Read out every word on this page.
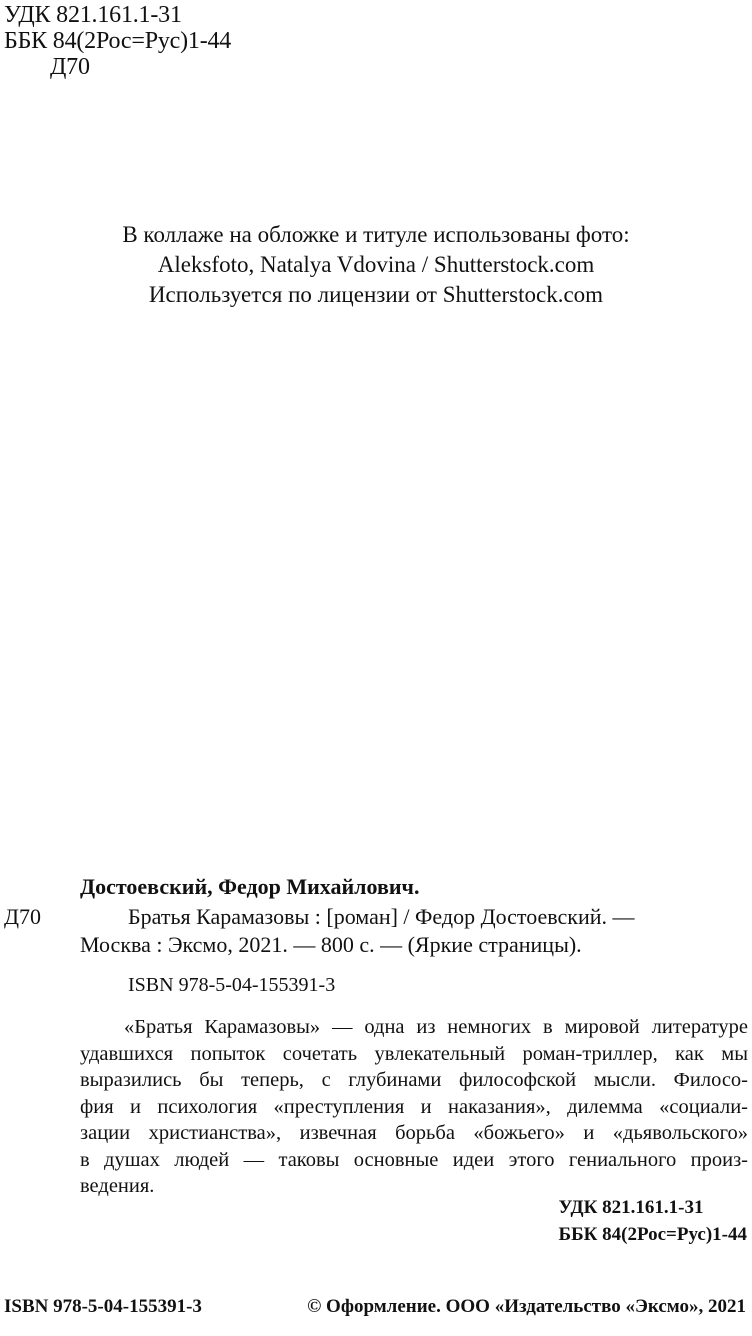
УДК 821.161.1-31
ББК 84(2Рос=Рус)1-44
Д70
В коллаже на обложке и титуле использованы фото:
Aleksfoto, Natalya Vdovina / Shutterstock.com
Используется по лицензии от Shutterstock.com
Достоевский, Федор Михайлович.
Д70	Братья Карамазовы : [роман] / Федор Достоевский. —
Москва : Эксмо, 2021. — 800 с. — (Яркие страницы).
ISBN 978-5-04-155391-3
«Братья Карамазовы» — одна из немногих в мировой литературе
удавшихся попыток сочетать увлекательный роман-триллер, как мы
выразились бы теперь, с глубинами философской мысли. Филосо-
фия и психология «преступления и наказания», дилемма «социали-
зации христианства», извечная борьба «божьего» и «дьявольского»
в душах людей — таковы основные идеи этого гениального произ-
ведения.
УДК 821.161.1-31
ББК 84(2Рос=Рус)1-44
ISBN 978-5-04-155391-3	© Оформление. ООО «Издательство «Эксмо», 2021
